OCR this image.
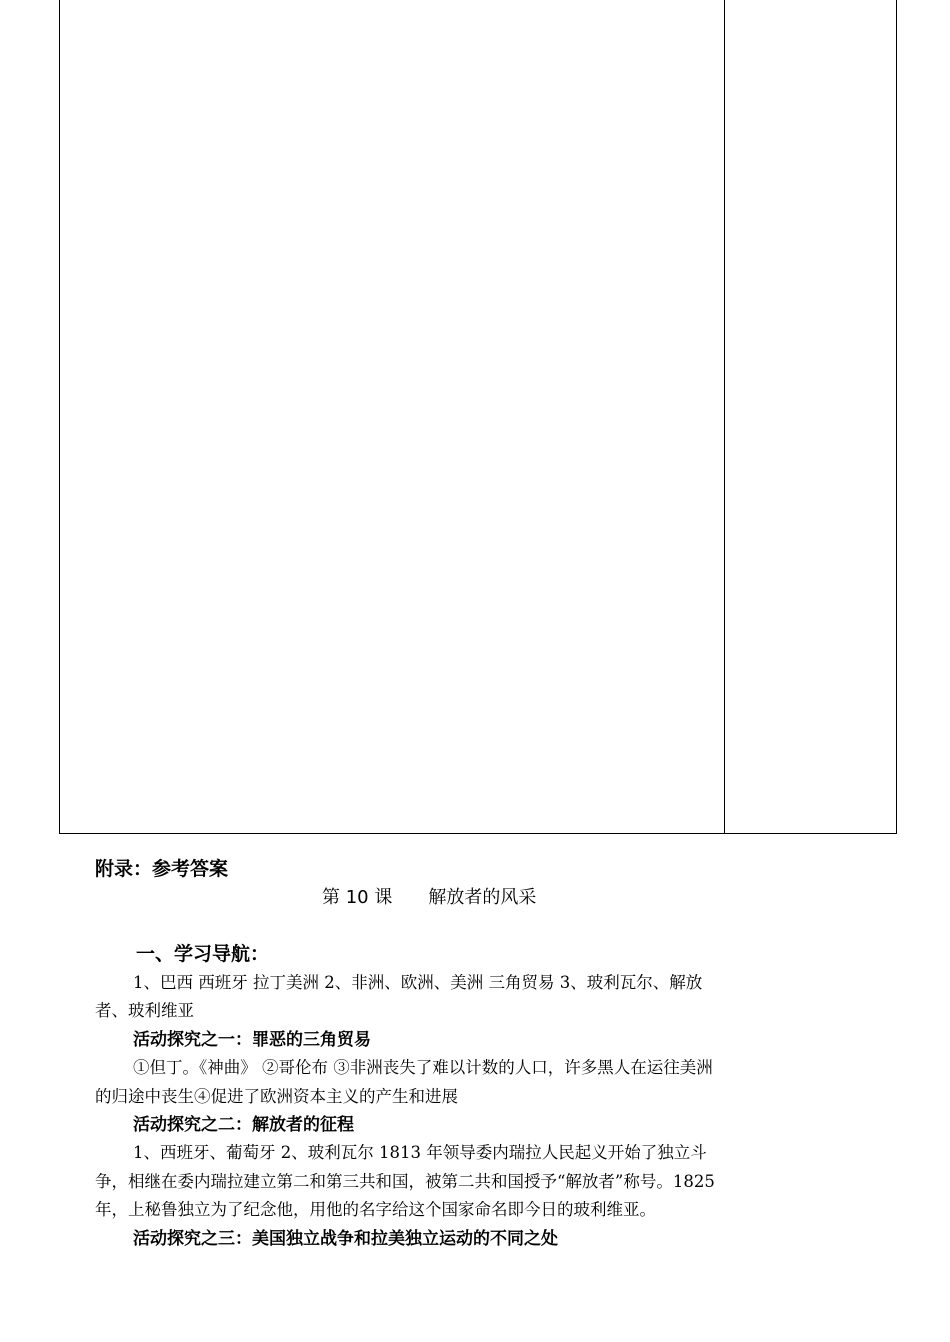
附录：参考答案
第 10 课　　解放者的风采
一、学习导航：
1、巴西 西班牙 拉丁美洲 2、非洲、欧洲、美洲 三角贸易 3、玻利瓦尔、解放
者、玻利维亚
活动探究之一：罪恶的三角贸易
①但丁。《神曲》 ②哥伦布 ③非洲丧失了难以计数的人口，许多黑人在运往美洲
的归途中丧生④促进了欧洲资本主义的产生和进展
活动探究之二：解放者的征程
1、西班牙、葡萄牙 2、玻利瓦尔 1813 年领导委内瑞拉人民起义开始了独立斗
争，相继在委内瑞拉建立第二和第三共和国，被第二共和国授予“解放者”称号。1825
年，上秘鲁独立为了纪念他，用他的名字给这个国家命名即今日的玻利维亚。
活动探究之三：美国独立战争和拉美独立运动的不同之处
